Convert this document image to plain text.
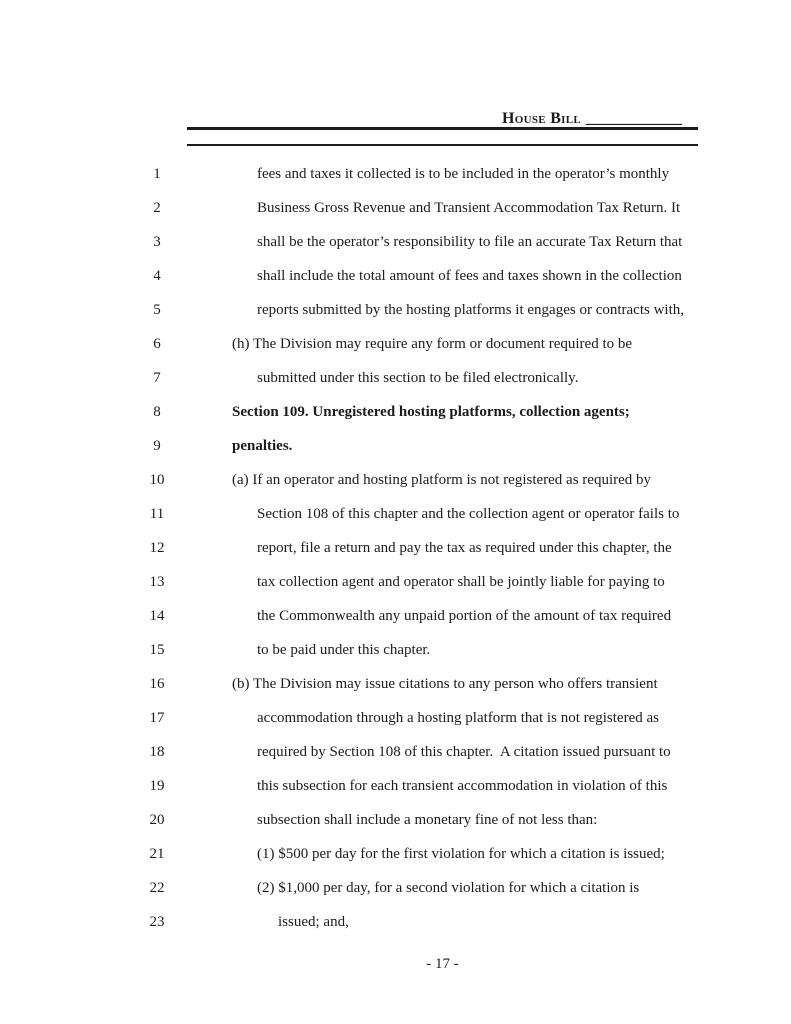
House Bill ____________

1	fees and taxes it collected is to be included in the operator’s monthly
2	Business Gross Revenue and Transient Accommodation Tax Return. It
3	shall be the operator’s responsibility to file an accurate Tax Return that
4	shall include the total amount of fees and taxes shown in the collection
5	reports submitted by the hosting platforms it engages or contracts with,
6	(h) The Division may require any form or document required to be
7	submitted under this section to be filed electronically.
8	Section 109. Unregistered hosting platforms, collection agents;
9	penalties.
10	(a) If an operator and hosting platform is not registered as required by
11	Section 108 of this chapter and the collection agent or operator fails to
12	report, file a return and pay the tax as required under this chapter, the
13	tax collection agent and operator shall be jointly liable for paying to
14	the Commonwealth any unpaid portion of the amount of tax required
15	to be paid under this chapter.
16	(b) The Division may issue citations to any person who offers transient
17	accommodation through a hosting platform that is not registered as
18	required by Section 108 of this chapter.  A citation issued pursuant to
19	this subsection for each transient accommodation in violation of this
20	subsection shall include a monetary fine of not less than:
21	(1) $500 per day for the first violation for which a citation is issued;
22	(2) $1,000 per day, for a second violation for which a citation is
23	issued; and,
- 17 -
